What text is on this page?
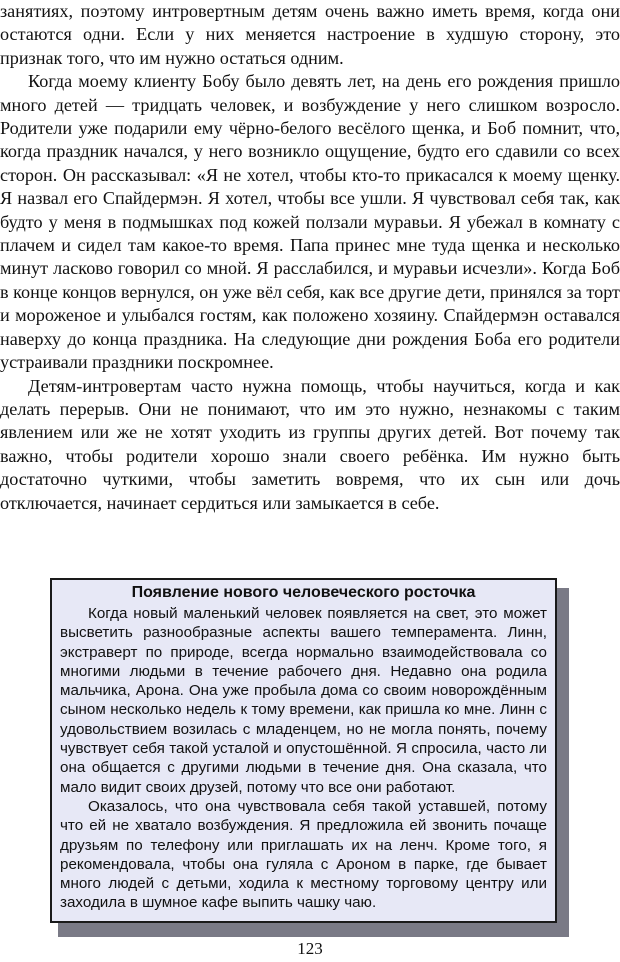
занятиях, поэтому интровертным детям очень важно иметь время, когда они остаются одни. Если у них меняется настроение в худшую сторону, это признак того, что им нужно остаться одним.

Когда моему клиенту Бобу было девять лет, на день его рождения пришло много детей — тридцать человек, и возбуждение у него слишком возросло. Родители уже подарили ему чёрно-белого весёлого щенка, и Боб помнит, что, когда праздник начался, у него возникло ощущение, будто его сдавили со всех сторон. Он рассказывал: «Я не хотел, чтобы кто-то прикасался к моему щенку. Я назвал его Спайдермэн. Я хотел, чтобы все ушли. Я чувствовал себя так, как будто у меня в подмышках под кожей ползали муравьи. Я убежал в комнату с плачем и сидел там какое-то время. Папа принес мне туда щенка и несколько минут ласково говорил со мной. Я расслабился, и муравьи исчезли». Когда Боб в конце концов вернулся, он уже вёл себя, как все другие дети, принялся за торт и мороженое и улыбался гостям, как положено хозяину. Спайдермэн оставался наверху до конца праздника. На следующие дни рождения Боба его родители устраивали праздники поскромнее.

Детям-интровертам часто нужна помощь, чтобы научиться, когда и как делать перерыв. Они не понимают, что им это нужно, незнакомы с таким явлением или же не хотят уходить из группы других детей. Вот почему так важно, чтобы родители хорошо знали своего ребёнка. Им нужно быть достаточно чуткими, чтобы заметить вовремя, что их сын или дочь отключается, начинает сердиться или замыкается в себе.

Появление нового человеческого росточка

Когда новый маленький человек появляется на свет, это может высветить разнообразные аспекты вашего темперамента. Линн, экстраверт по природе, всегда нормально взаимодействовала со многими людьми в течение рабочего дня. Недавно она родила мальчика, Арона. Она уже пробыла дома со своим новорождённым сыном несколько недель к тому времени, как пришла ко мне. Линн с удовольствием возилась с младенцем, но не могла понять, почему чувствует себя такой усталой и опустошённой. Я спросила, часто ли она общается с другими людьми в течение дня. Она сказала, что мало видит своих друзей, потому что все они работают.

Оказалось, что она чувствовала себя такой уставшей, потому что ей не хватало возбуждения. Я предложила ей звонить почаще друзьям по телефону или приглашать их на ленч. Кроме того, я рекомендовала, чтобы она гуляла с Ароном в парке, где бывает много людей с детьми, ходила к местному торговому центру или заходила в шумное кафе выпить чашку чаю.

123
